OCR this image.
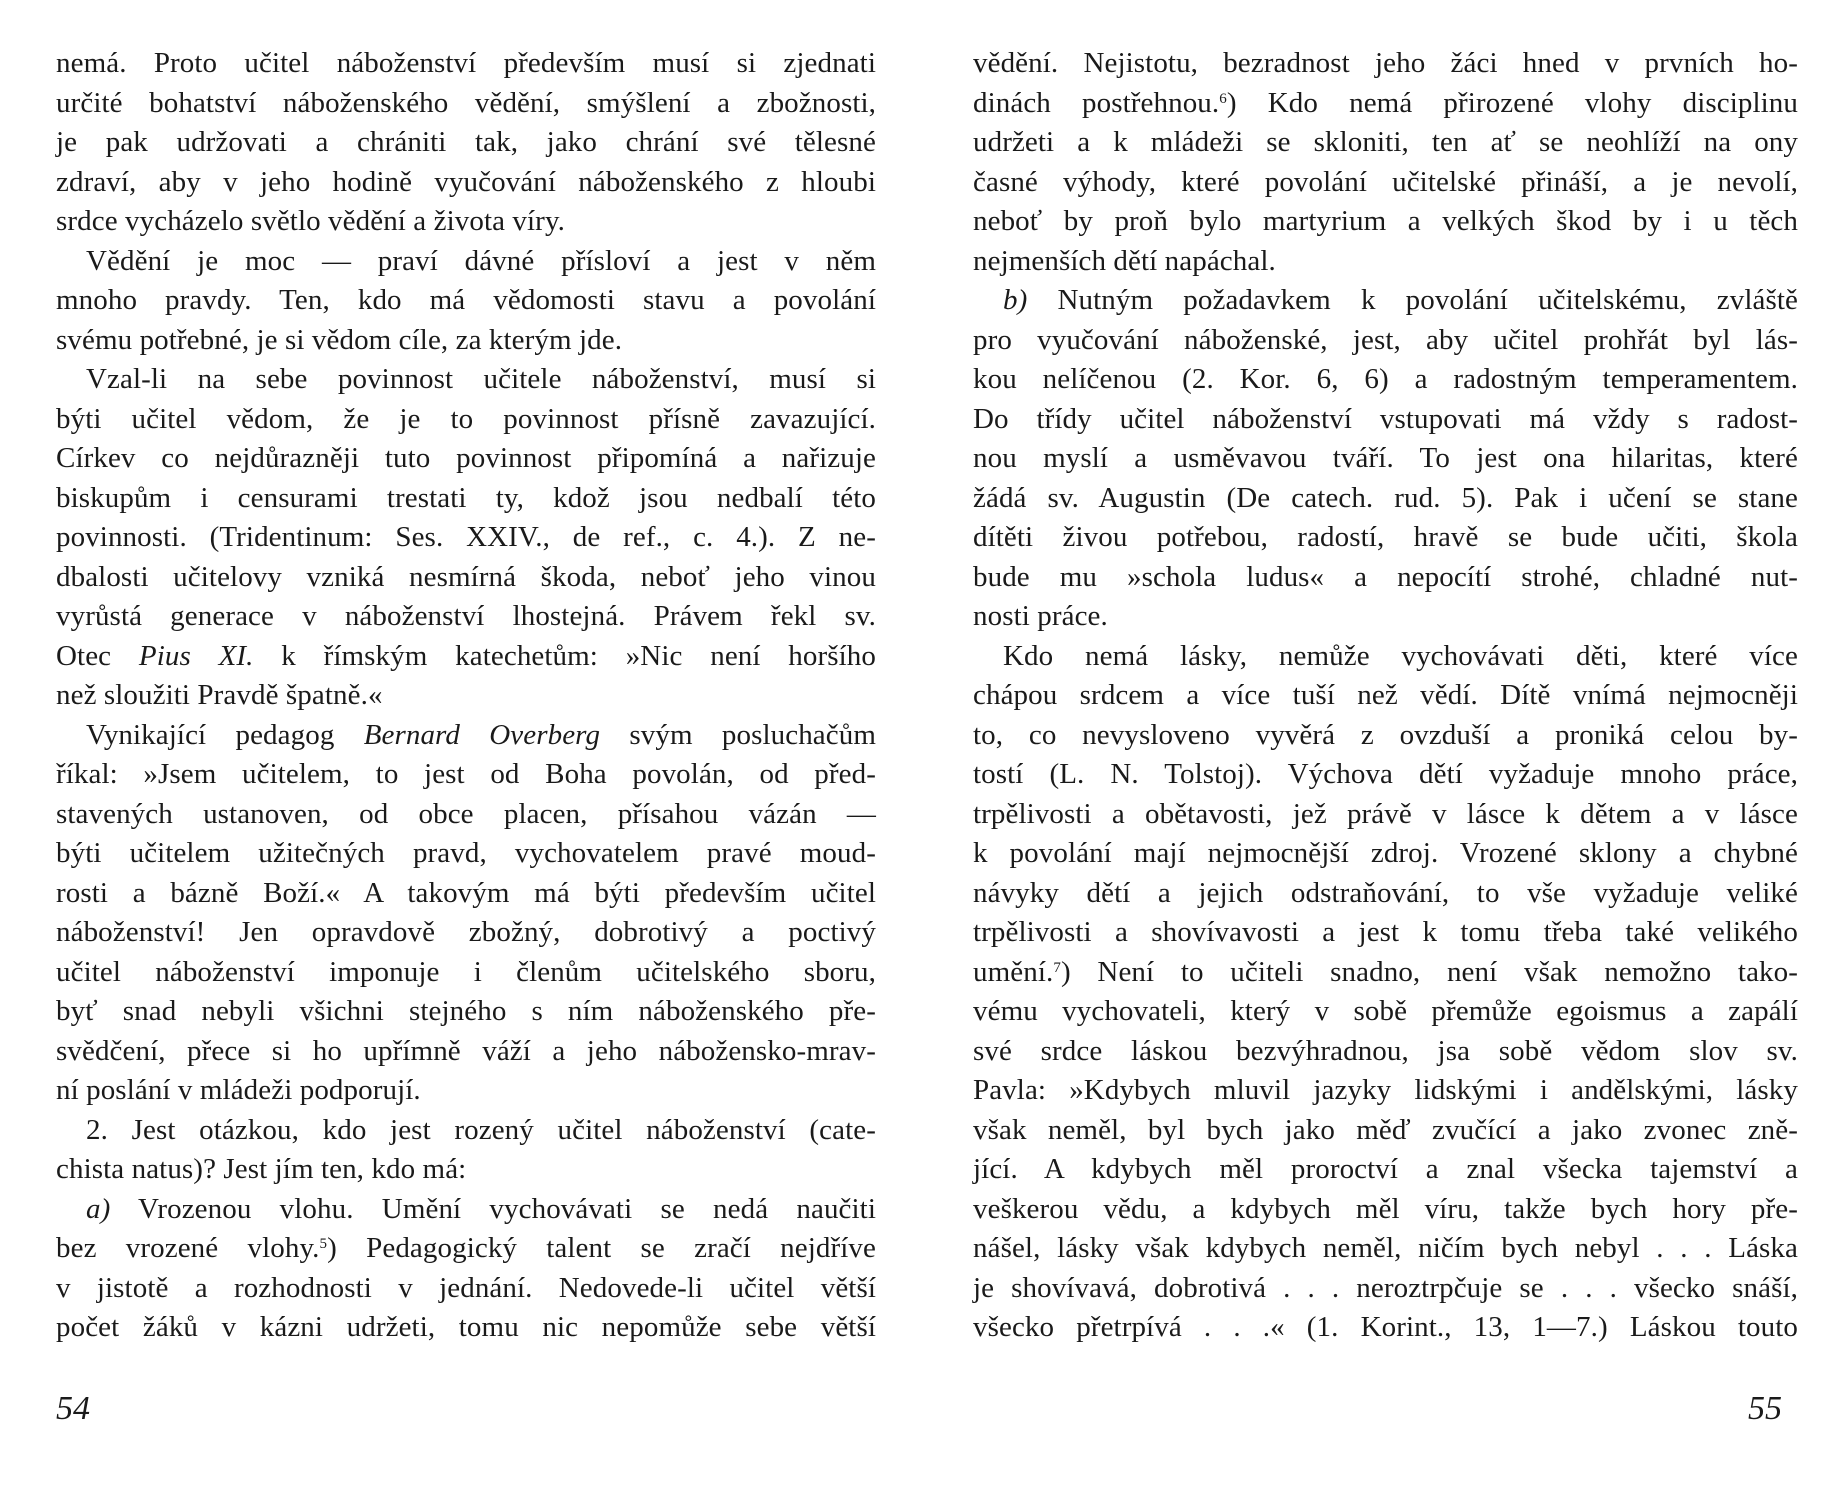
nemá. Proto učitel náboženství především musí si zjednati
určité bohatství náboženského vědění, smýšlení a zbožnosti,
je pak udržovati a chrániti tak, jako chrání své tělesné
zdraví, aby v jeho hodině vyučování náboženského z hloubi
srdce vycházelo světlo vědění a života víry.
Vědění je moc — praví dávné přísloví a jest v něm
mnoho pravdy. Ten, kdo má vědomosti stavu a povolání
svému potřebné, je si vědom cíle, za kterým jde.
Vzal-li na sebe povinnost učitele náboženství, musí si
býti učitel vědom, že je to povinnost přísně zavazující.
Církev co nejdůrazněji tuto povinnost připomíná a nařizuje
biskupům i censurami trestati ty, kdož jsou nedbalí této
povinnosti. (Tridentinum: Ses. XXIV., de ref., c. 4.). Z ne-
dbalosti učitelovy vzniká nesmírná škoda, neboť jeho vinou
vyrůstá generace v náboženství lhostejná. Právem řekl sv.
Otec Pius XI. k římským katechetům: »Nic není horšího
než sloužiti Pravdě špatně.«
Vynikající pedagog Bernard Overberg svým posluchačům
říkal: »Jsem učitelem, to jest od Boha povolán, od před-
stavených ustanoven, od obce placen, přísahou vázán —
býti učitelem užitečných pravd, vychovatelem pravé moud-
rosti a bázně Boží.« A takovým má býti především učitel
náboženství! Jen opravdově zbožný, dobrotivý a poctivý
učitel náboženství imponuje i členům učitelského sboru,
byť snad nebyli všichni stejného s ním náboženského pře-
svědčení, přece si ho upřímně váží a jeho nábožensko-mrav-
ní poslání v mládeži podporují.
2. Jest otázkou, kdo jest rozený učitel náboženství (cate-
chista natus)? Jest jím ten, kdo má:
a) Vrozenou vlohu. Umění vychovávati se nedá naučiti
bez vrozené vlohy.$^5$) Pedagogický talent se zračí nejdříve
v jistotě a rozhodnosti v jednání. Nedovede-li učitel větší
počet žáků v kázni udržeti, tomu nic nepomůže sebe větší
54
vědění. Nejistotu, bezradnost jeho žáci hned v prvních ho-
dinách postřehnou.$^6$) Kdo nemá přirozené vlohy disciplinu
udržeti a k mládeži se skloniti, ten ať se neohlíží na ony
časné výhody, které povolání učitelské přináší, a je nevolí,
neboť by proň bylo martyrium a velkých škod by i u těch
nejmenších dětí napáchal.
b) Nutným požadavkem k povolání učitelskému, zvláště
pro vyučování náboženské, jest, aby učitel prohřát byl lás-
kou nelíčenou (2. Kor. 6, 6) a radostným temperamentem.
Do třídy učitel náboženství vstupovati má vždy s radost-
nou myslí a usměvavou tváří. To jest ona hilaritas, které
žádá sv. Augustin (De catech. rud. 5). Pak i učení se stane
dítěti živou potřebou, radostí, hravě se bude učiti, škola
bude mu »schola ludus« a nepocítí strohé, chladné nut-
nosti práce.
Kdo nemá lásky, nemůže vychovávati děti, které více
chápou srdcem a více tuší než vědí. Dítě vnímá nejmocněji
to, co nevysloveno vyvěrá z ovzduší a proniká celou by-
tostí (L. N. Tolstoj). Výchova dětí vyžaduje mnoho práce,
trpělivosti a obětavosti, jež právě v lásce k dětem a v lásce
k povolání mají nejmocnější zdroj. Vrozené sklony a chybné
návyky dětí a jejich odstraňování, to vše vyžaduje veliké
trpělivosti a shovívavosti a jest k tomu třeba také velikého
umění.$^7$) Není to učiteli snadno, není však nemožno tako-
vému vychovateli, který v sobě přemůže egoismus a zapálí
své srdce láskou bezvýhradnou, jsa sobě vědom slov sv.
Pavla: »Kdybych mluvil jazyky lidskými i andělskými, lásky
však neměl, byl bych jako měď zvučící a jako zvonec zně-
jící. A kdybych měl proroctví a znal všecka tajemství a
veškerou vědu, a kdybych měl víru, takže bych hory pře-
nášel, lásky však kdybych neměl, ničím bych nebyl . . . Láska
je shovívavá, dobrotivá . . . neroztrpčuje se . . . všecko snáší,
všecko přetrpívá . . .« (1. Korint., 13, 1—7.) Láskou touto
55
